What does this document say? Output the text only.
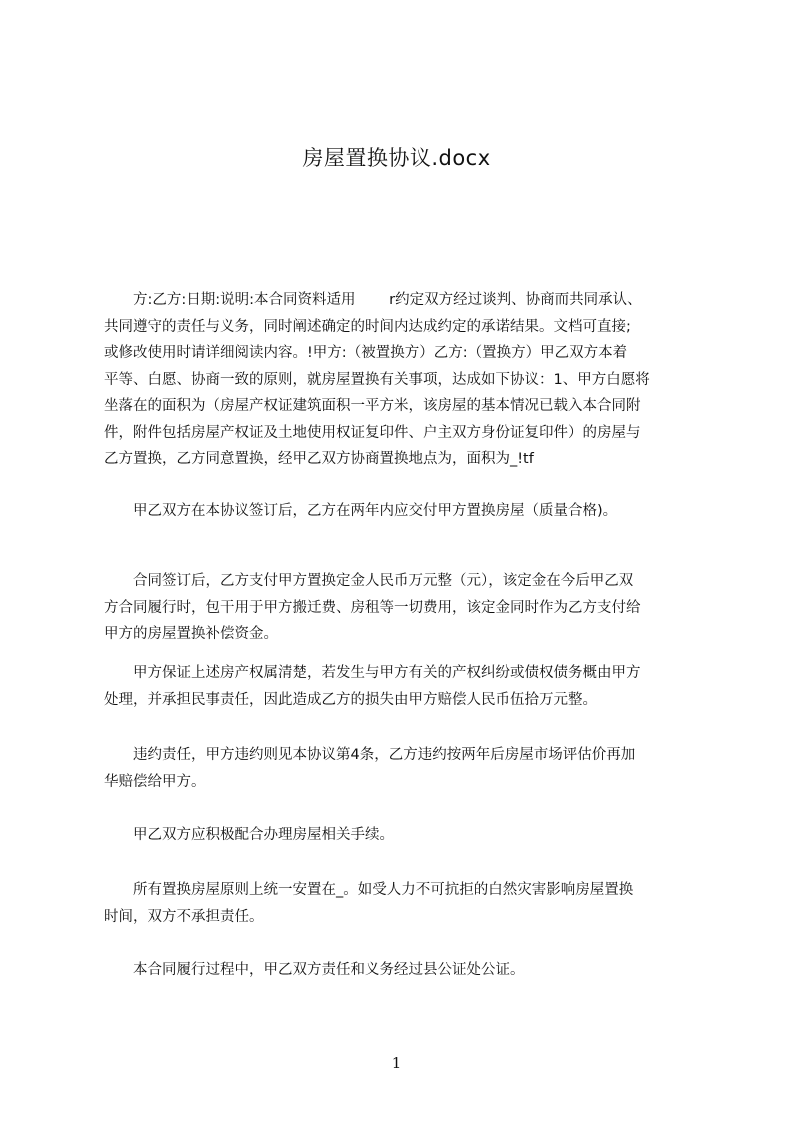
房屋置换协议.docx
　　方:乙方:日期:说明:本合同资料适用　　 r约定双方经过谈判、协商而共同承认、
共同遵守的责任与义务，同时阐述确定的时间内达成约定的承诺结果。文档可直接;
或修改使用时请详细阅读内容。!甲方:（被置换方）乙方:（置换方）甲乙双方本着
平等、白愿、协商一致的原则，就房屋置换有关事项，达成如下协议：1、甲方白愿将
坐落在的面积为（房屋产权证建筑面积一平方米，该房屋的基本情况已载入本合同附
件，附件包括房屋产权证及土地使用权证复印件、户主双方身份证复印件）的房屋与
乙方置换，乙方同意置换，经甲乙双方协商置换地点为，面积为_!tf
　　甲乙双方在本协议签订后，乙方在两年内应交付甲方置换房屋（质量合格)。
　　合同签订后，乙方支付甲方置换定金人民币万元整（元），该定金在今后甲乙双
方合同履行时，包干用于甲方搬迁费、房租等一切费用，该定金同时作为乙方支付给
甲方的房屋置换补偿资金。
　　甲方保证上述房产权属清楚，若发生与甲方有关的产权纠纷或债权债务概由甲方
处理，并承担民事责任，因此造成乙方的损失由甲方赔偿人民币伍拾万元整。
　　违约责任，甲方违约则见本协议第4条，乙方违约按两年后房屋市场评估价再加
华赔偿给甲方。
　　甲乙双方应积极配合办理房屋相关手续。
　　所有置换房屋原则上统一安置在_。如受人力不可抗拒的白然灾害影响房屋置换
时间，双方不承担责任。
　　本合同履行过程中，甲乙双方责任和义务经过县公证处公证。
1
